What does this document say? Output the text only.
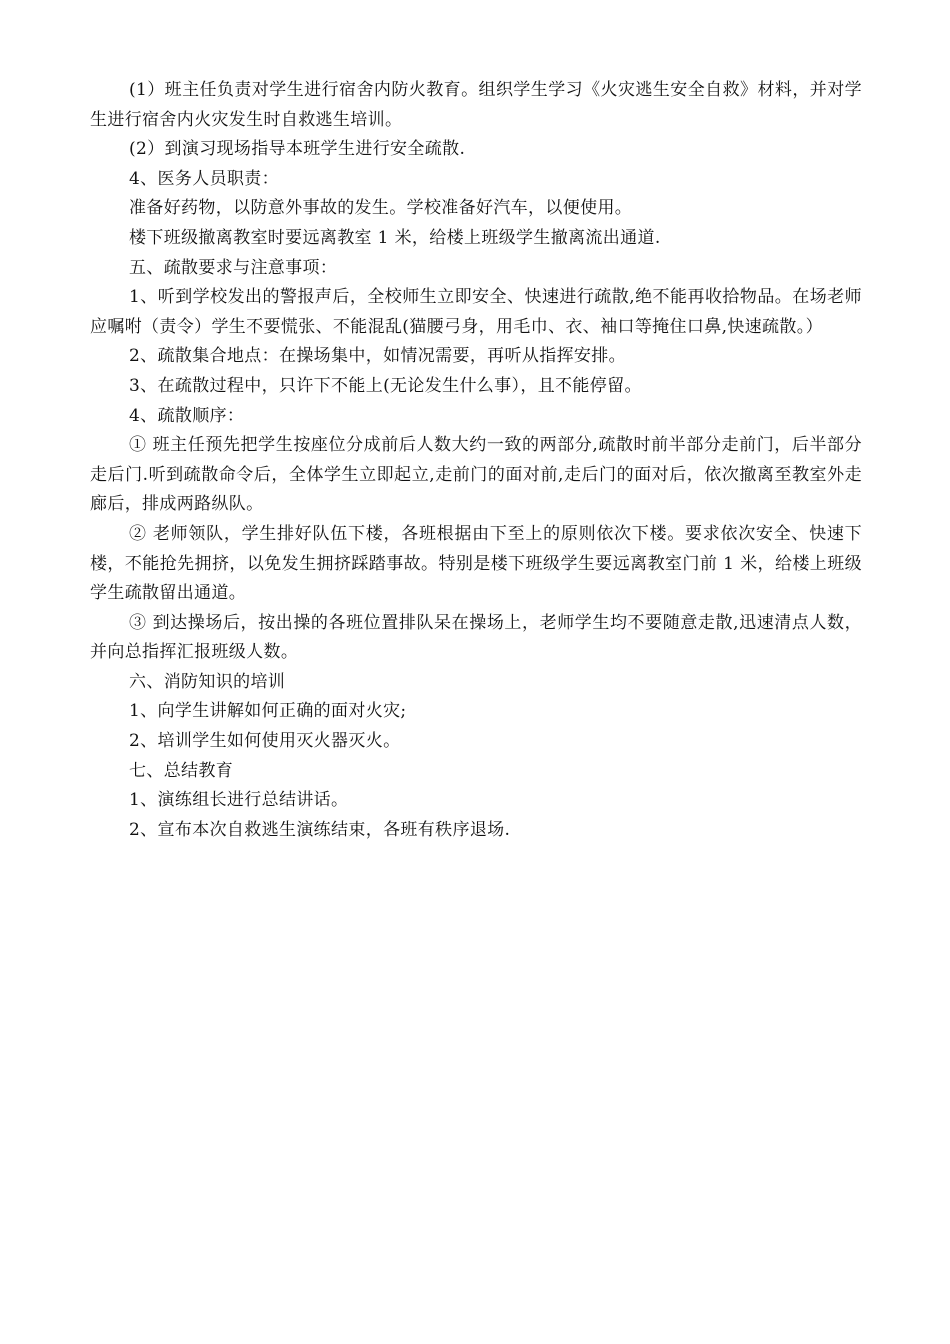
(1）班主任负责对学生进行宿舍内防火教育。组织学生学习《火灾逃生安全自救》材料，并对学生进行宿舍内火灾发生时自救逃生培训。

(2）到演习现场指导本班学生进行安全疏散.

4、医务人员职责：

准备好药物，以防意外事故的发生。学校准备好汽车，以便使用。

楼下班级撤离教室时要远离教室 1 米，给楼上班级学生撤离流出通道.

五、疏散要求与注意事项：

1、听到学校发出的警报声后，全校师生立即安全、快速进行疏散,绝不能再收拾物品。在场老师应嘱咐（责令）学生不要慌张、不能混乱(猫腰弓身，用毛巾、衣、袖口等掩住口鼻,快速疏散。）

2、疏散集合地点：在操场集中，如情况需要，再听从指挥安排。

3、在疏散过程中，只许下不能上(无论发生什么事），且不能停留。

4、疏散顺序：

① 班主任预先把学生按座位分成前后人数大约一致的两部分,疏散时前半部分走前门，后半部分走后门.听到疏散命令后，全体学生立即起立,走前门的面对前,走后门的面对后，依次撤离至教室外走廊后，排成两路纵队。

② 老师领队，学生排好队伍下楼，各班根据由下至上的原则依次下楼。要求依次安全、快速下楼，不能抢先拥挤，以免发生拥挤踩踏事故。特别是楼下班级学生要远离教室门前 1 米，给楼上班级学生疏散留出通道。

③ 到达操场后，按出操的各班位置排队呆在操场上，老师学生均不要随意走散,迅速清点人数，并向总指挥汇报班级人数。

六、消防知识的培训

1、向学生讲解如何正确的面对火灾;

2、培训学生如何使用灭火器灭火。

七、总结教育

1、演练组长进行总结讲话。

2、宣布本次自救逃生演练结束，各班有秩序退场.
